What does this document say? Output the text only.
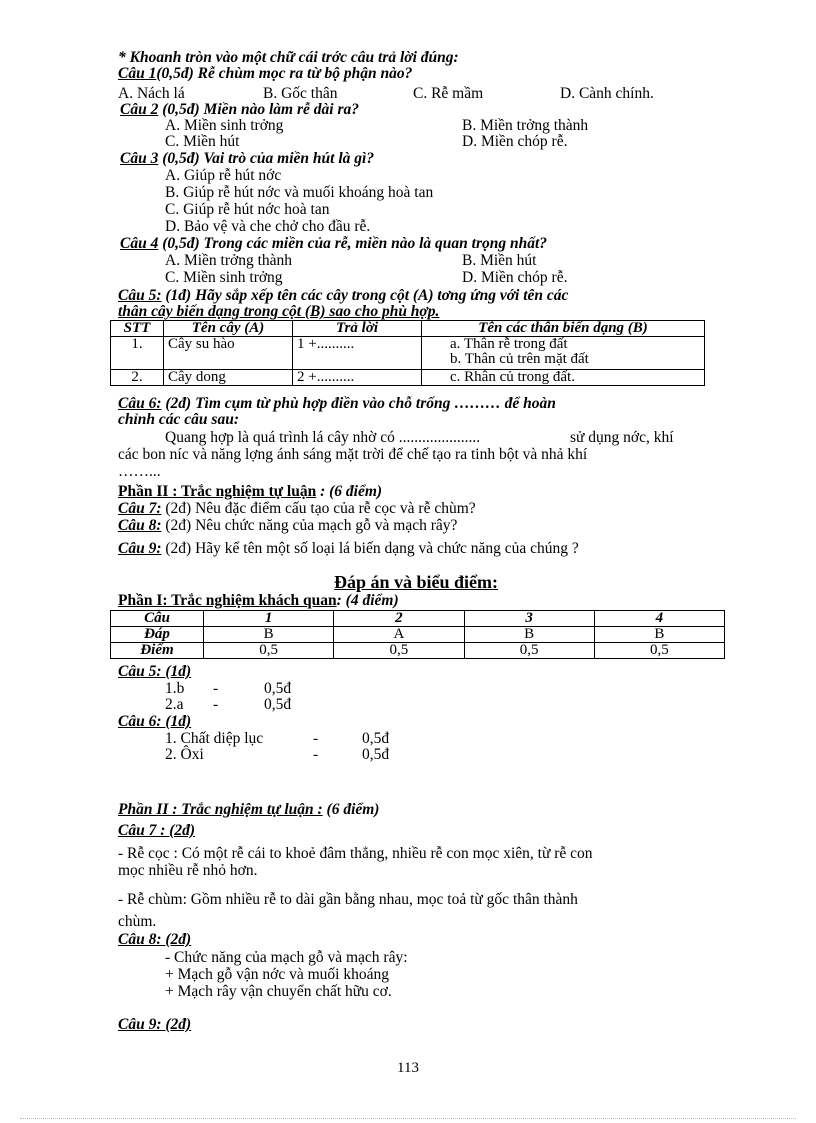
* Khoanh tròn vào một chữ cái trớc câu trả lời đúng:
Câu 1(0,5đ) Rễ chùm mọc ra từ bộ phận nào?
A. Nách lá	B. Gốc thân	C. Rễ mầm	D. Cành chính.
Câu 2 (0,5đ) Miền nào làm rễ dài ra?
A. Miền sinh trởng	B. Miền trởng thành
C. Miền hút	D. Miền chóp rễ.
Câu 3 (0,5đ) Vai trò của miền hút là gì?
A. Giúp rễ hút nớc
B. Giúp rễ hút nớc và muối khoáng hoà tan
C. Giúp rễ hút nớc hoà tan
D. Bảo vệ và che chở cho đầu rễ.
Câu 4 (0,5đ) Trong các miền của rễ, miền nào là quan trọng nhất?
A. Miền trởng thành	B. Miền hút
C. Miền sinh trởng	D. Miền chóp rễ.
Câu 5: (1đ) Hãy sắp xếp tên các cây trong cột (A) tơng ứng với tên các
thân cây biến dạng trong cột (B) sao cho phù hợp.
STT	Tên cây (A)	Trả lời	Tên các thân biến dạng (B)
1.	Cây su hào	1 +..........	a. Thân rễ trong đất
b. Thân củ trên mặt đất

2.	Cây dong	2 +..........	c. Rhân củ trong đất.
Câu 6: (2đ) Tìm cụm từ phù hợp điền vào chỗ trống ……… để hoàn
chỉnh các câu sau:
Quang hợp là quá trình lá cây nhờ có .....................	sử dụng nớc, khí
các bon níc và năng lợng ánh sáng mặt trời để chế tạo ra tinh bột và nhả khí
……...
Phần II : Trắc nghiệm tự luận : (6 điểm)
Câu 7: (2đ) Nêu đặc điểm cấu tạo của rễ cọc và rễ chùm?
Câu 8: (2đ) Nêu chức năng của mạch gỗ và mạch rây?
Câu 9: (2đ) Hãy kể tên một số loại lá biến dạng và chức năng của chúng ?
Đáp án và biểu điểm:
Phần I: Trắc nghiệm khách quan: (4 điểm)
Câu	1	2	3	4
Đáp	B	A	B	B
Điểm	0,5	0,5	0,5	0,5
Câu 5: (1đ)
1.b -	0,5đ
2.a -	0,5đ
Câu 6: (1đ)
1. Chất diệp lục	-	0,5đ
2. Ôxi	-	0,5đ
Phần II : Trắc nghiệm tự luận : (6 điểm)
Câu 7 : (2đ)
- Rễ cọc : Có một rễ cái to khoẻ đâm thẳng, nhiều rễ con mọc xiên, từ rễ con
mọc nhiều rễ nhỏ hơn.
- Rễ chùm: Gồm nhiều rễ to dài gần bằng nhau, mọc toả từ gốc thân thành
chùm.
Câu 8: (2đ)
- Chức năng của mạch gỗ và mạch rây:
+ Mạch gỗ vận nớc và muối khoáng
+ Mạch rây vận chuyển chất hữu cơ.
Câu 9: (2đ)
113
